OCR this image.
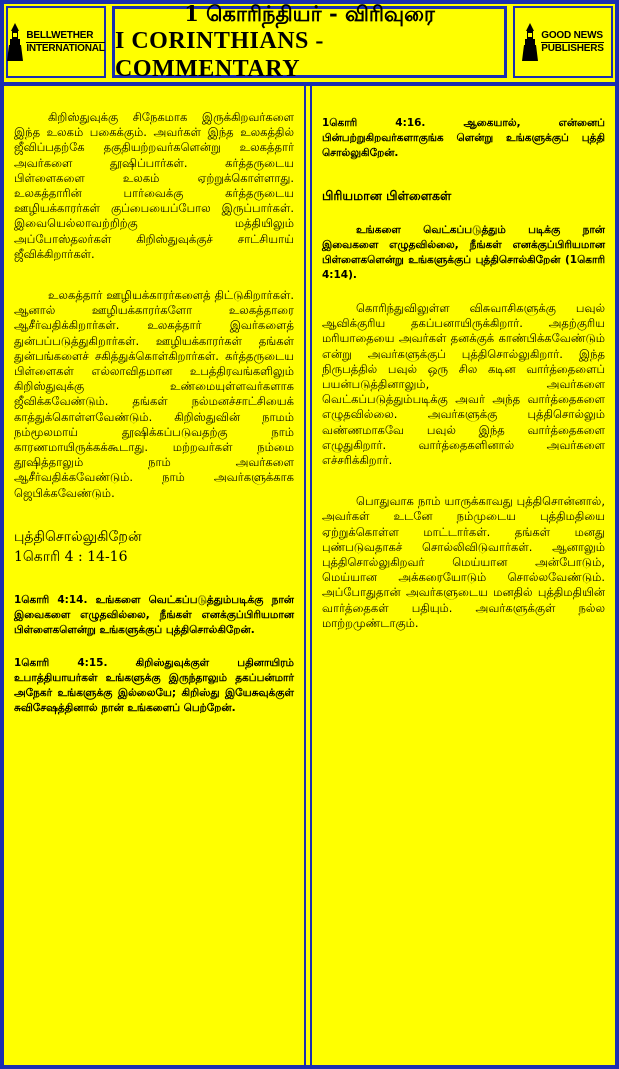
BELLWETHER
INTERNATIONAL
1 கொரிந்தியர் - விரிவுரை
I CORINTHIANS - COMMENTARY
GOOD NEWS
PUBLISHERS

கிறிஸ்துவுக்கு சிநேகமாக இருக்கிறவர்களை இந்த உலகம் பகைக்கும். அவர்கள் இந்த உலகத்தில் ஜீவிப்பதற்கே தகுதியற்றவர்களென்று உலகத்தார் அவர்களை தூஷிப்பார்கள். கர்த்தருடைய பிள்ளைகளை உலகம் ஏற்றுக்கொள்ளாது. உலகத்தாரின் பார்வைக்கு கர்த்தருடைய ஊழியக்காரர்கள் குப்பையைப்போல இருப்பார்கள். இவையெல்லாவற்றிற்கு மத்தியிலும் அப்போஸ்தலர்கள் கிறிஸ்துவுக்குச் சாட்சியாய் ஜீவிக்கிறார்கள்.

உலகத்தார் ஊழியக்காரர்களைத் திட்டுகிறார்கள். ஆனால் ஊழியக்காரர்களோ உலகத்தாரை ஆசீர்வதிக்கிறார்கள். உலகத்தார் இவர்களைத் துன்பப்படுத்துகிறார்கள். ஊழியக்காரர்கள் தங்கள் துன்பங்களைச் சகித்துக்கொள்கிறார்கள். கர்த்தருடைய பிள்ளைகள் எல்லாவிதமான உபத்திரவங்களிலும் கிறிஸ்துவுக்கு உண்மையுள்ளவர்களாக ஜீவிக்கவேண்டும். தங்கள் நல்மனச்சாட்சியைக் காத்துக்கொள்ளவேண்டும். கிறிஸ்துவின் நாமம் நம்மூலமாய் தூஷிக்கப்படுவதற்கு நாம் காரணமாயிருக்கக்கூடாது. மற்றவர்கள் நம்மை தூஷித்தாலும் நாம் அவர்களை ஆசீர்வதிக்கவேண்டும். நாம் அவர்களுக்காக ஜெபிக்கவேண்டும்.

புத்திசொல்லுகிறேன்
1கொரி 4 : 14-16

1கொரி 4:14. உங்களை வெட்கப்படுத்தும்படிக்கு நான் இவைகளை எழுதவில்லை, நீங்கள் எனக்குப்பிரியமான பிள்ளைகளென்று உங்களுக்குப் புத்திசொல்கிறேன்.

1கொரி 4:15. கிறிஸ்துவுக்குள் பதினாயிரம் உபாத்தியாயர்கள் உங்களுக்கு இருந்தாலும் தகப்பன்மார் அநேகர் உங்களுக்கு இல்லையே; கிறிஸ்து இயேசுவுக்குள் சுவிசேஷத்தினால் நான் உங்களைப் பெற்றேன்.

1கொரி 4:16. ஆகையால், என்னைப் பின்பற்றுகிறவர்களாகுங்க ளென்று உங்களுக்குப் புத்தி சொல்லுகிறேன்.

பிரியமான பிள்ளைகள்

உங்களை வெட்கப்படுத்தும் படிக்கு நான் இவைகளை எழுதவில்லை, நீங்கள் எனக்குப்பிரியமான பிள்ளைகளென்று உங்களுக்குப் புத்திசொல்கிறேன் (1கொரி 4:14).

கொரிந்துவிலுள்ள விசுவாசிகளுக்கு பவுல் ஆவிக்குரிய தகப்பனாயிருக்கிறார். அதற்குரிய மரியாதையை அவர்கள் தனக்குக் காண்பிக்கவேண்டும் என்று அவர்களுக்குப் புத்திசொல்லுகிறார். இந்த நிருபத்தில் பவுல் ஒரு சில கடின வார்த்தைளைப் பயன்படுத்தினாலும், அவர்களை வெட்கப்படுத்தும்படிக்கு அவர் அந்த வார்த்தைகளை எழுதவில்லை. அவர்களுக்கு புத்திசொல்லும் வண்ணமாகவே பவுல் இந்த வார்த்தைகளை எழுதுகிறார். வார்த்தைகளினால் அவர்களை எச்சரிக்கிறார்.

பொதுவாக நாம் யாருக்காவது புத்திசொன்னால், அவர்கள் உடனே நம்முடைய புத்திமதியை ஏற்றுக்கொள்ள மாட்டார்கள். தங்கள் மனது புண்படுவதாகச் சொல்லிவிடுவார்கள். ஆனாலும் புத்திசொல்லுகிறவர் மெய்யான அன்போடும், மெய்யான அக்கரையோடும் சொல்லவேண்டும். அப்போதுதான் அவர்களுடைய மனதில் புத்திமதியின் வார்த்தைகள் பதியும். அவர்களுக்குள் நல்ல மாற்றமுண்டாகும்.
